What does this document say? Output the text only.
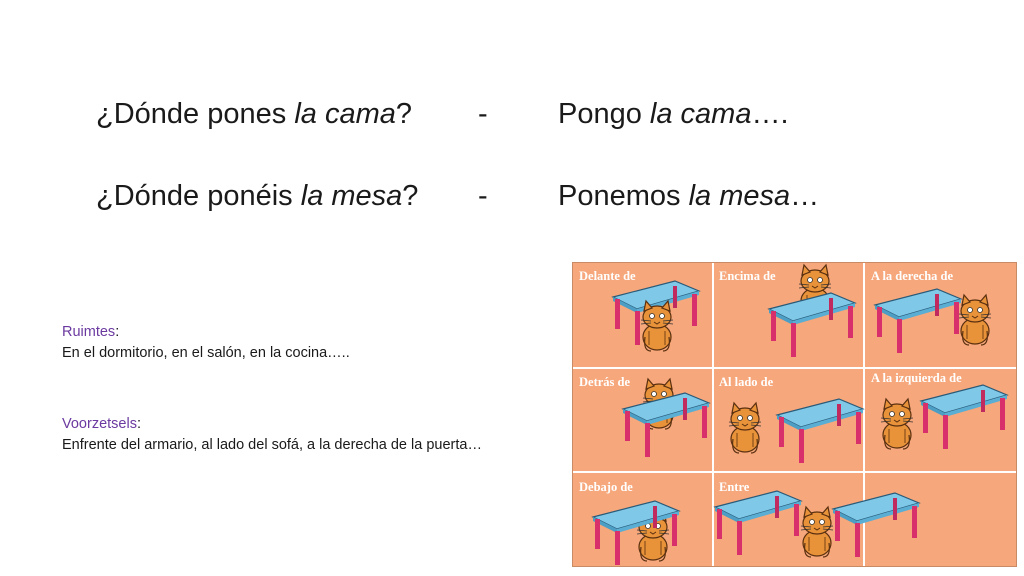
¿Dónde pones la cama? - Pongo la cama….
¿Dónde ponéis la mesa? - Ponemos la mesa…
Ruimtes:
En el dormitorio, en el salón, en la cocina…..
Voorzetsels:
Enfrente del armario, al lado del sofá, a la derecha de la puerta…
Delante de	Encima de	A la derecha de
Detrás de	Al lado de	A la izquierda de
Debajo de	Entre
